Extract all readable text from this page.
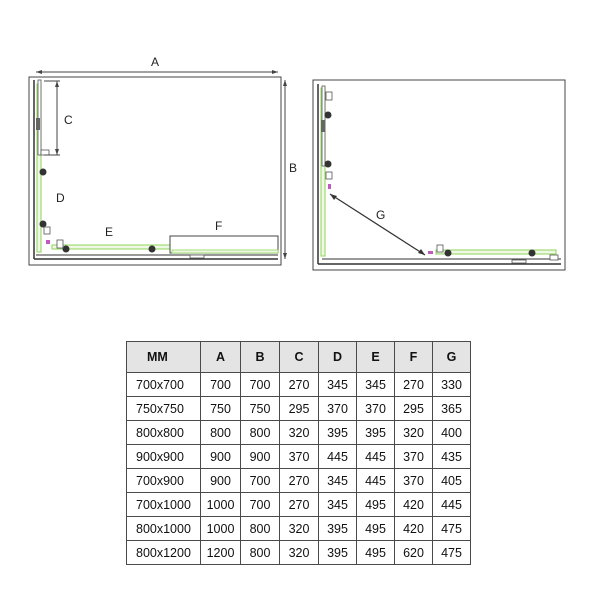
A
B
C
D
E	F
G
MM	A	B	C	D	E	F	G
700x700	700	700	270	345	345	270	330
750x750	750	750	295	370	370	295	365
800x800	800	800	320	395	395	320	400
900x900	900	900	370	445	445	370	435
700x900	900	700	270	345	445	370	405
700x1000	1000	700	270	345	495	420	445
800x1000	1000	800	320	395	495	420	475
800x1200	1200	800	320	395	495	620	475
